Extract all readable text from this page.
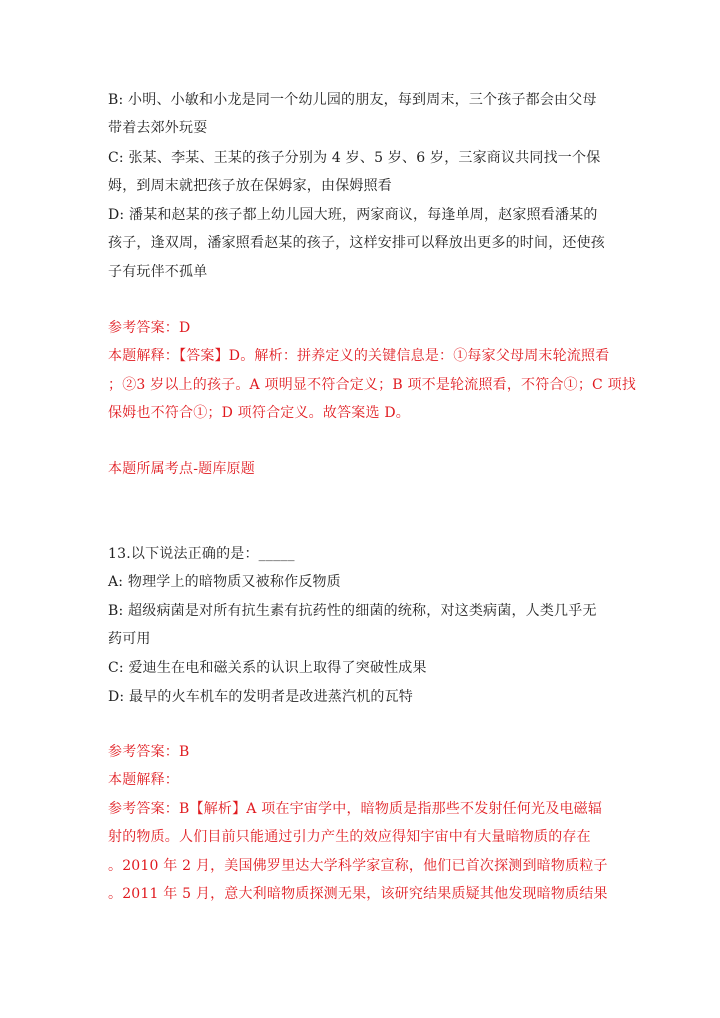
B: 小明、小敏和小龙是同一个幼儿园的朋友，每到周末，三个孩子都会由父母
带着去郊外玩耍
C: 张某、李某、王某的孩子分别为 4 岁、5 岁、6 岁，三家商议共同找一个保
姆，到周末就把孩子放在保姆家，由保姆照看
D: 潘某和赵某的孩子都上幼儿园大班，两家商议，每逢单周，赵家照看潘某的
孩子，逢双周，潘家照看赵某的孩子，这样安排可以释放出更多的时间，还使孩
子有玩伴不孤单
参考答案：D
本题解释：【答案】D。解析：拼养定义的关键信息是：①每家父母周末轮流照看
；②3 岁以上的孩子。A 项明显不符合定义；B 项不是轮流照看，不符合①；C 项找
保姆也不符合①；D 项符合定义。故答案选 D。
本题所属考点-题库原题
13.以下说法正确的是：_____
A: 物理学上的暗物质又被称作反物质
B: 超级病菌是对所有抗生素有抗药性的细菌的统称，对这类病菌，人类几乎无
药可用
C: 爱迪生在电和磁关系的认识上取得了突破性成果
D: 最早的火车机车的发明者是改进蒸汽机的瓦特
参考答案：B
本题解释：
参考答案：B【解析】A 项在宇宙学中，暗物质是指那些不发射任何光及电磁辐
射的物质。人们目前只能通过引力产生的效应得知宇宙中有大量暗物质的存在
。2010 年 2 月，美国佛罗里达大学科学家宣称，他们已首次探测到暗物质粒子
。2011 年 5 月，意大利暗物质探测无果，该研究结果质疑其他发现暗物质结果
